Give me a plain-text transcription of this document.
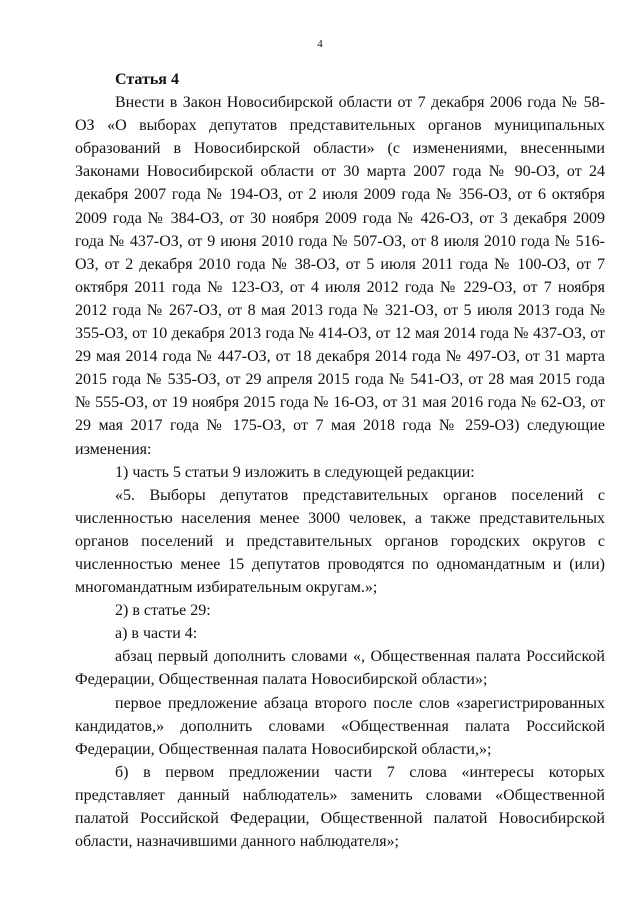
4
Статья 4

Внести в Закон Новосибирской области от 7 декабря 2006 года № 58-ОЗ «О выборах депутатов представительных органов муниципальных образований в Новосибирской области» (с изменениями, внесенными Законами Новосибирской области от 30 марта 2007 года № 90-ОЗ, от 24 декабря 2007 года № 194-ОЗ, от 2 июля 2009 года № 356-ОЗ, от 6 октября 2009 года № 384-ОЗ, от 30 ноября 2009 года № 426-ОЗ, от 3 декабря 2009 года № 437-ОЗ, от 9 июня 2010 года № 507-ОЗ, от 8 июля 2010 года № 516-ОЗ, от 2 декабря 2010 года № 38-ОЗ, от 5 июля 2011 года № 100-ОЗ, от 7 октября 2011 года № 123-ОЗ, от 4 июля 2012 года № 229-ОЗ, от 7 ноября 2012 года № 267-ОЗ, от 8 мая 2013 года № 321-ОЗ, от 5 июля 2013 года № 355-ОЗ, от 10 декабря 2013 года № 414-ОЗ, от 12 мая 2014 года № 437-ОЗ, от 29 мая 2014 года № 447-ОЗ, от 18 декабря 2014 года № 497-ОЗ, от 31 марта 2015 года № 535-ОЗ, от 29 апреля 2015 года № 541-ОЗ, от 28 мая 2015 года № 555-ОЗ, от 19 ноября 2015 года № 16-ОЗ, от 31 мая 2016 года № 62-ОЗ, от 29 мая 2017 года № 175-ОЗ, от 7 мая 2018 года № 259-ОЗ) следующие изменения:

1) часть 5 статьи 9 изложить в следующей редакции:

«5. Выборы депутатов представительных органов поселений с численностью населения менее 3000 человек, а также представительных органов поселений и представительных органов городских округов с численностью менее 15 депутатов проводятся по одномандатным и (или) многомандатным избирательным округам.»;

2) в статье 29:

а) в части 4:

абзац первый дополнить словами «, Общественная палата Российской Федерации, Общественная палата Новосибирской области»;

первое предложение абзаца второго после слов «зарегистрированных кандидатов,» дополнить словами «Общественная палата Российской Федерации, Общественная палата Новосибирской области,»;

б) в первом предложении части 7 слова «интересы которых представляет данный наблюдатель» заменить словами «Общественной палатой Российской Федерации, Общественной палатой Новосибирской области, назначившими данного наблюдателя»;
